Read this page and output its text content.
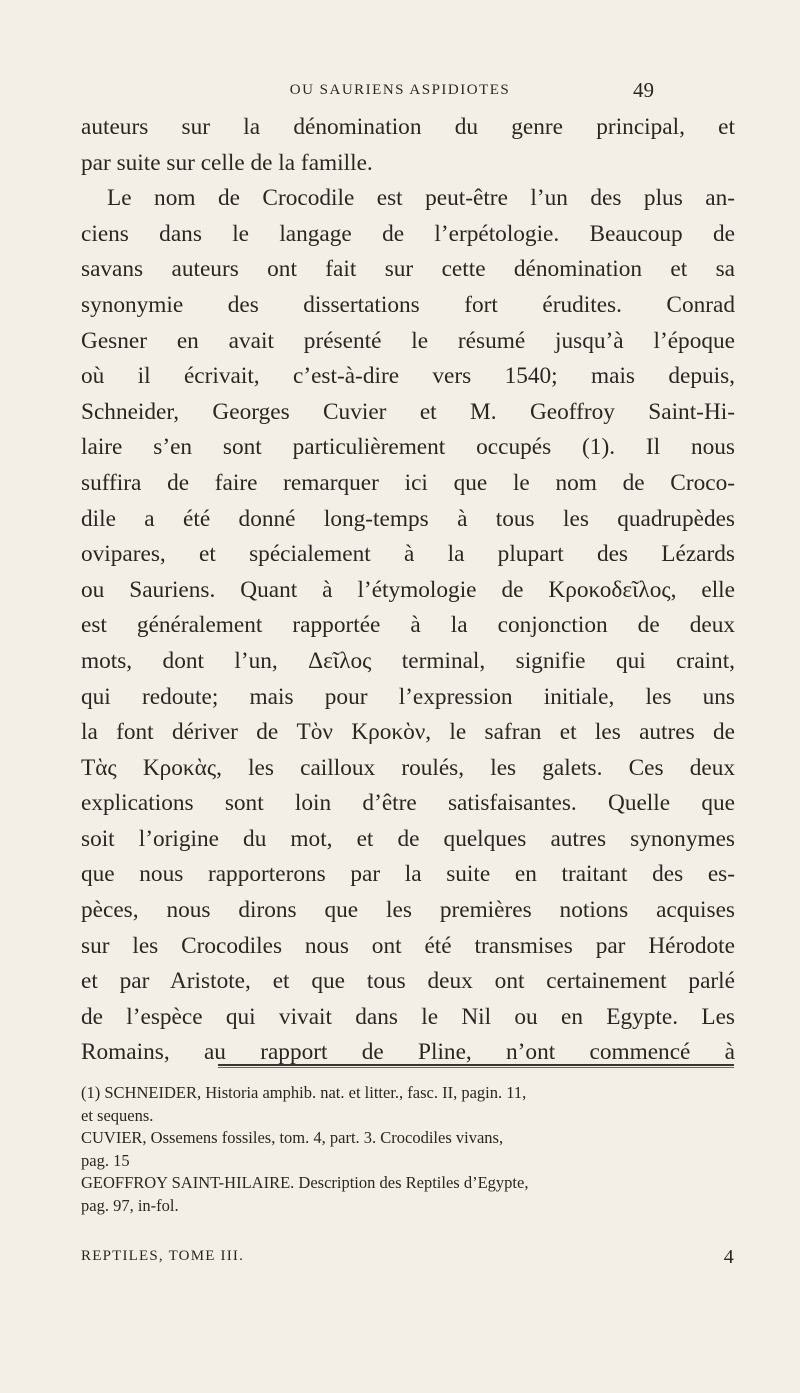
OU SAURIENS ASPIDIOTES	49
auteurs sur la dénomination du genre principal, et
par suite sur celle de la famille.
Le nom de Crocodile est peut-être l’un des plus an-
ciens dans le langage de l’erpétologie. Beaucoup de
savans auteurs ont fait sur cette dénomination et sa
synonymie des dissertations fort érudites. Conrad
Gesner en avait présenté le résumé jusqu’à l’époque
où il écrivait, c’est-à-dire vers 1540; mais depuis,
Schneider, Georges Cuvier et M. Geoffroy Saint-Hi-
laire s’en sont particulièrement occupés (1). Il nous
suffira de faire remarquer ici que le nom de Croco-
dile a été donné long-temps à tous les quadrupèdes
ovipares, et spécialement à la plupart des Lézards
ou Sauriens. Quant à l’étymologie de Κροκοδεῖλος, elle
est généralement rapportée à la conjonction de deux
mots, dont l’un, Δεῖλος terminal, signifie qui craint,
qui redoute; mais pour l’expression initiale, les uns
la font dériver de Τὸν Κροκὸν, le safran et les autres de
Τὰς Κροκὰς, les cailloux roulés, les galets. Ces deux
explications sont loin d’être satisfaisantes. Quelle que
soit l’origine du mot, et de quelques autres synonymes
que nous rapporterons par la suite en traitant des es-
pèces, nous dirons que les premières notions acquises
sur les Crocodiles nous ont été transmises par Hérodote
et par Aristote, et que tous deux ont certainement parlé
de l’espèce qui vivait dans le Nil ou en Egypte. Les
Romains, au rapport de Pline, n’ont commencé à
(1) SCHNEIDER, Historia amphib. nat. et litter., fasc. II, pagin. 11,
et sequens.
CUVIER, Ossemens fossiles, tom. 4, part. 3. Crocodiles vivans,
pag. 15
GEOFFROY SAINT-HILAIRE. Description des Reptiles d’Egypte,
pag. 97, in-fol.
REPTILES, TOME III.	4
